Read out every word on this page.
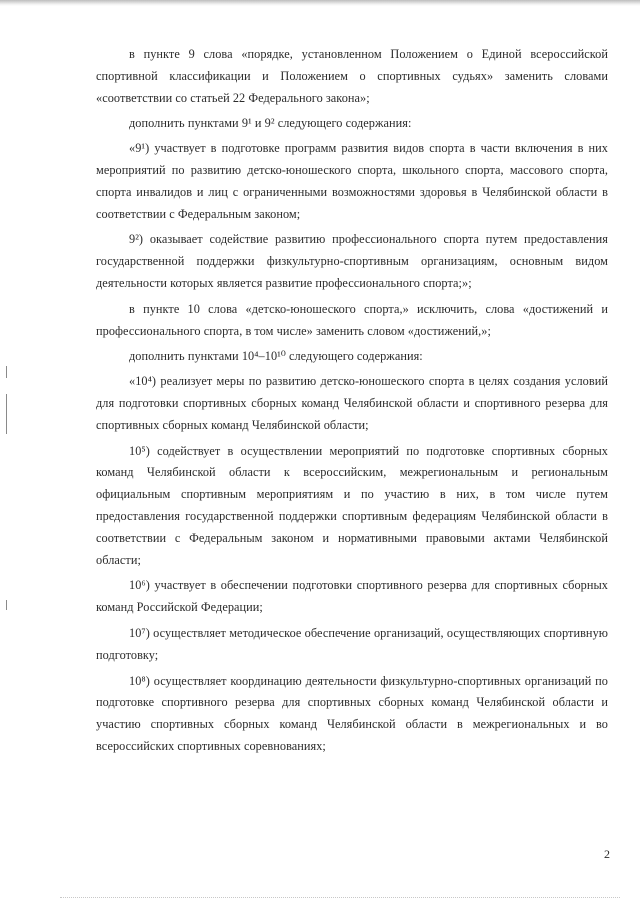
в пункте 9 слова «порядке, установленном Положением о Единой всероссийской спортивной классификации и Положением о спортивных судьях» заменить словами «соответствии со статьей 22 Федерального закона»;

дополнить пунктами 9¹ и 9² следующего содержания:

«9¹) участвует в подготовке программ развития видов спорта в части включения в них мероприятий по развитию детско-юношеского спорта, школьного спорта, массового спорта, спорта инвалидов и лиц с ограниченными возможностями здоровья в Челябинской области в соответствии с Федеральным законом;

9²) оказывает содействие развитию профессионального спорта путем предоставления государственной поддержки физкультурно-спортивным организациям, основным видом деятельности которых является развитие профессионального спорта;»;

в пункте 10 слова «детско-юношеского спорта,» исключить, слова «достижений и профессионального спорта, в том числе» заменить словом «достижений,»;

дополнить пунктами 10⁴–10¹⁰ следующего содержания:

«10⁴) реализует меры по развитию детско-юношеского спорта в целях создания условий для подготовки спортивных сборных команд Челябинской области и спортивного резерва для спортивных сборных команд Челябинской области;

10⁵) содействует в осуществлении мероприятий по подготовке спортивных сборных команд Челябинской области к всероссийским, межрегиональным и региональным официальным спортивным мероприятиям и по участию в них, в том числе путем предоставления государственной поддержки спортивным федерациям Челябинской области в соответствии с Федеральным законом и нормативными правовыми актами Челябинской области;

10⁶) участвует в обеспечении подготовки спортивного резерва для спортивных сборных команд Российской Федерации;

10⁷) осуществляет методическое обеспечение организаций, осуществляющих спортивную подготовку;

10⁸) осуществляет координацию деятельности физкультурно-спортивных организаций по подготовке спортивного резерва для спортивных сборных команд Челябинской области и участию спортивных сборных команд Челябинской области в межрегиональных и во всероссийских спортивных соревнованиях;

2
